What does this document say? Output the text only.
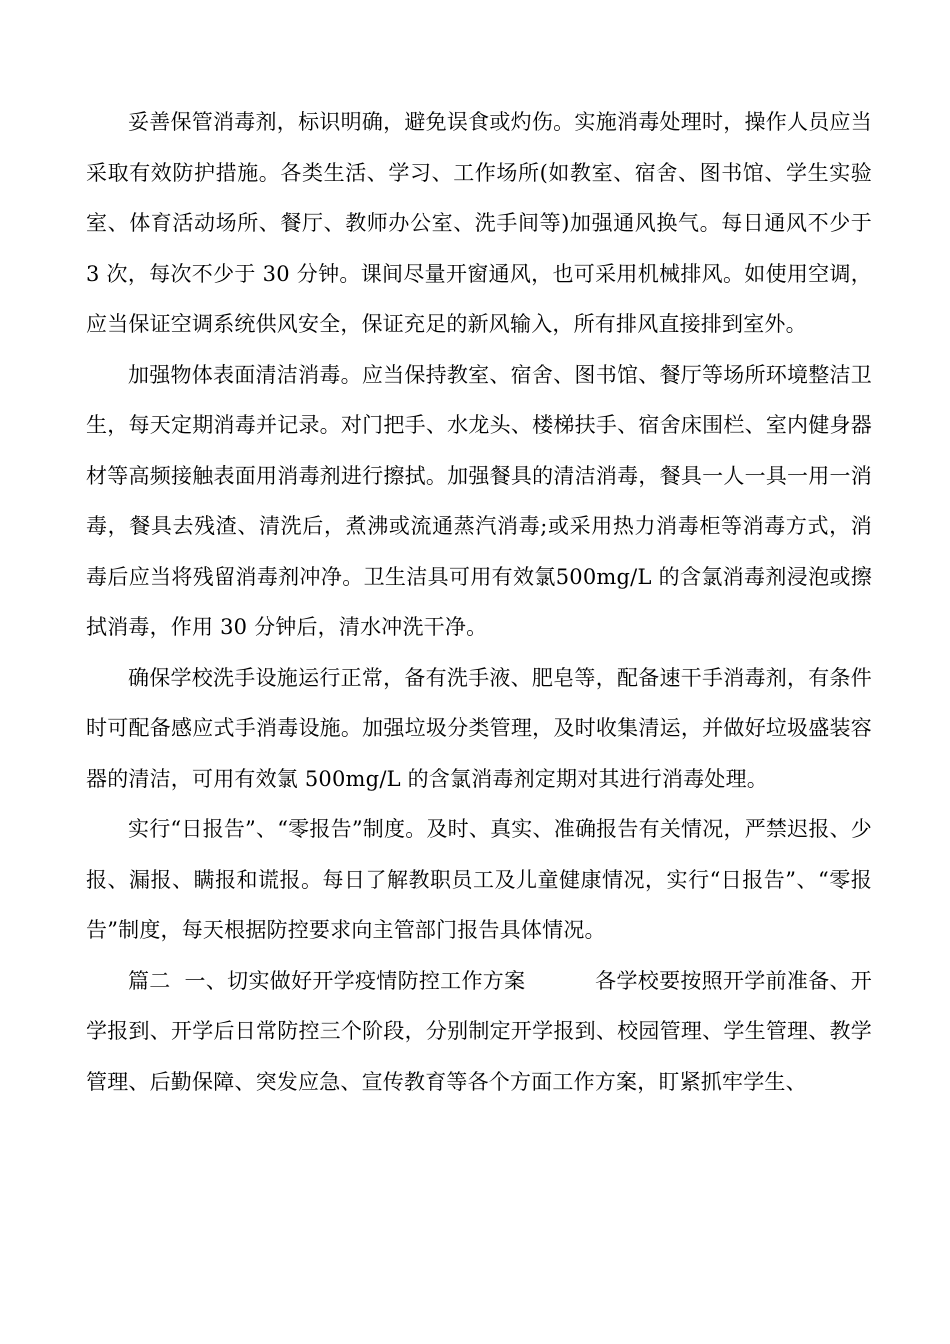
妥善保管消毒剂，标识明确，避免误食或灼伤。实施消毒处理时，操作人员应当采取有效防护措施。各类生活、学习、工作场所(如教室、宿舍、图书馆、学生实验室、体育活动场所、餐厅、教师办公室、洗手间等)加强通风换气。每日通风不少于 3 次，每次不少于 30 分钟。课间尽量开窗通风，也可采用机械排风。如使用空调，应当保证空调系统供风安全，保证充足的新风输入，所有排风直接排到室外。

加强物体表面清洁消毒。应当保持教室、宿舍、图书馆、餐厅等场所环境整洁卫生，每天定期消毒并记录。对门把手、水龙头、楼梯扶手、宿舍床围栏、室内健身器材等高频接触表面用消毒剂进行擦拭。加强餐具的清洁消毒，餐具一人一具一用一消毒，餐具去残渣、清洗后，煮沸或流通蒸汽消毒;或采用热力消毒柜等消毒方式，消毒后应当将残留消毒剂冲净。卫生洁具可用有效氯500mg/L 的含氯消毒剂浸泡或擦拭消毒，作用 30 分钟后，清水冲洗干净。

确保学校洗手设施运行正常，备有洗手液、肥皂等，配备速干手消毒剂，有条件时可配备感应式手消毒设施。加强垃圾分类管理，及时收集清运，并做好垃圾盛装容器的清洁，可用有效氯 500mg/L 的含氯消毒剂定期对其进行消毒处理。

实行“日报告”、“零报告”制度。及时、真实、准确报告有关情况，严禁迟报、少报、漏报、瞒报和谎报。每日了解教职员工及儿童健康情况，实行“日报告”、“零报告”制度，每天根据防控要求向主管部门报告具体情况。

篇二  一、切实做好开学疫情防控工作方案          各学校要按照开学前准备、开学报到、开学后日常防控三个阶段，分别制定开学报到、校园管理、学生管理、教学管理、后勤保障、突发应急、宣传教育等各个方面工作方案，盯紧抓牢学生、
